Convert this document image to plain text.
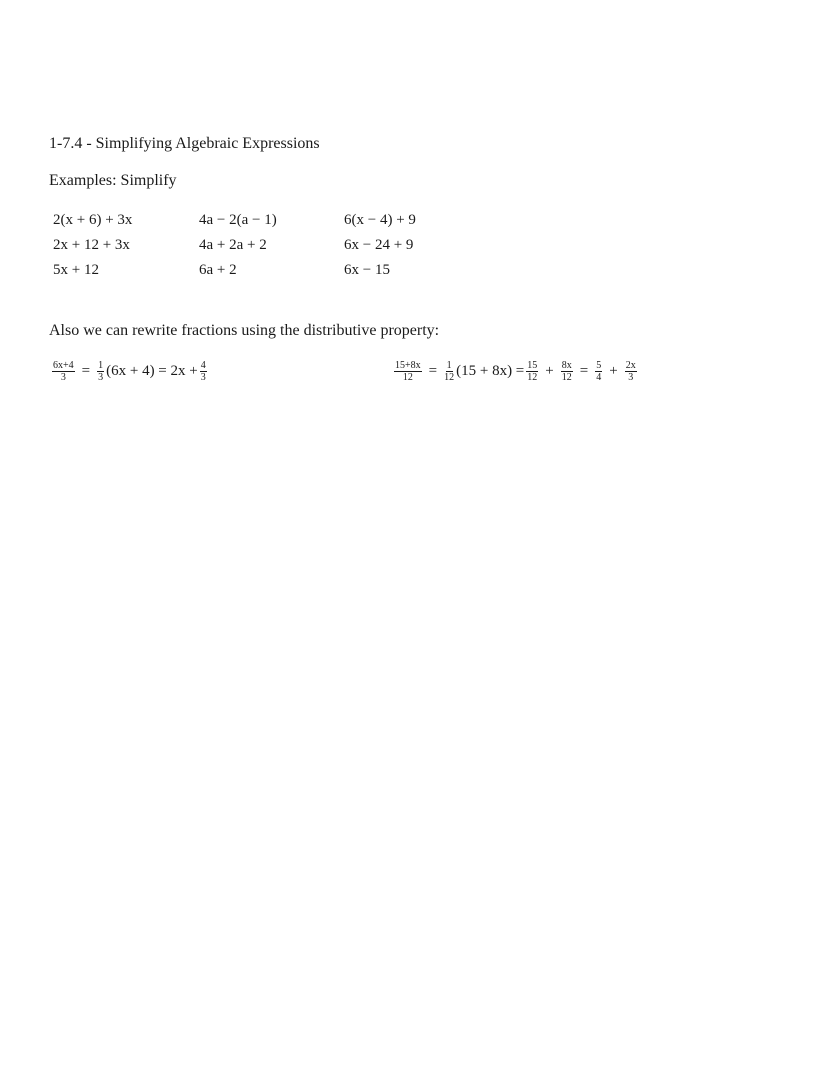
1-7.4 - Simplifying Algebraic Expressions
Examples: Simplify
2(x + 6) + 3x
2x + 12 + 3x
5x + 12
4a − 2(a − 1)
4a + 2a + 2
6a + 2
6(x − 4) + 9
6x − 24 + 9
6x − 15
Also we can rewrite fractions using the distributive property:
$\frac{6x+4}{3} = \frac{1}{3} (6x + 4) = 2x + \frac{4}{3}$	$\frac{15+8x}{12} = \frac{1}{12} (15 + 8x) = \frac{15}{12} + \frac{8x}{12} = \frac{5}{4} + \frac{2x}{3}$
